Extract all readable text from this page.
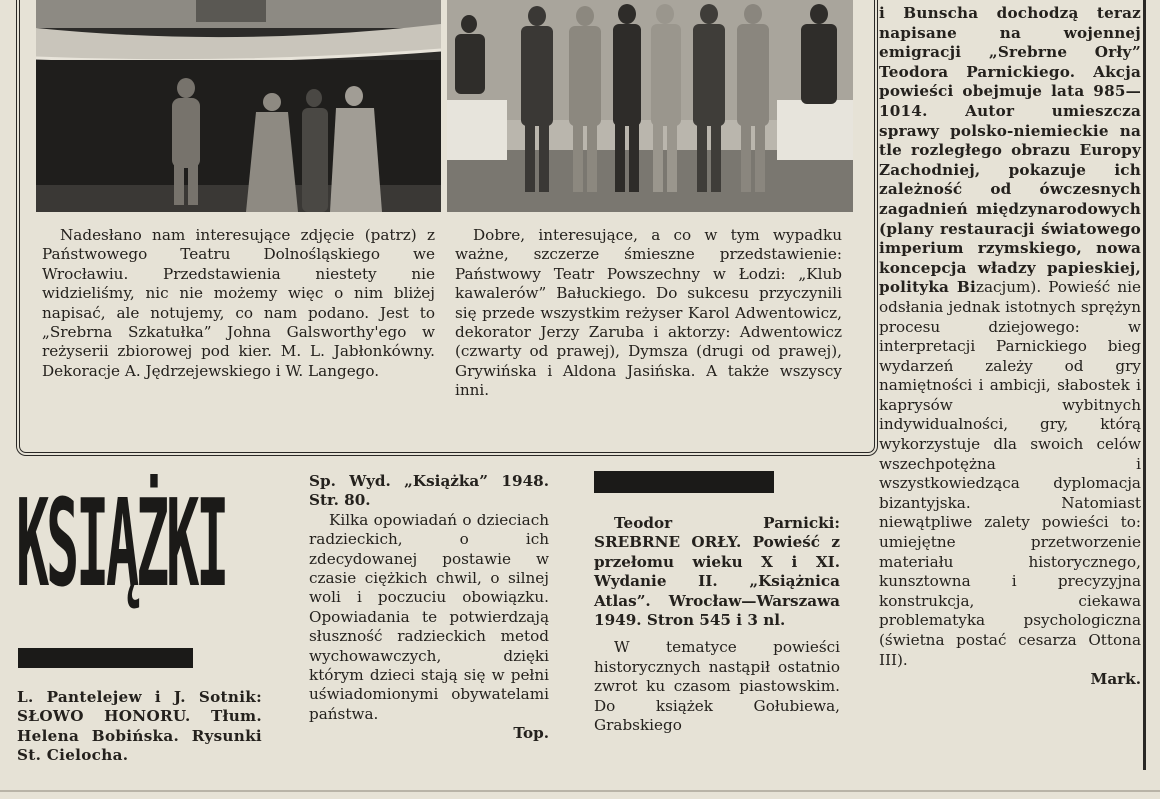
Nadesłano nam interesujące zdjęcie (patrz) z Państwowego Teatru Dolnośląskiego we Wrocławiu. Przedstawienia niestety nie widzieliśmy, nic nie możemy więc o nim bliżej napisać, ale notujemy, co nam podano. Jest to „Srebrna Szkatułka” Johna Galsworthy'ego w reżyserii zbiorowej pod kier. M. L. Jabłonkówny. Dekoracje A. Jędrzejewskiego i W. Langego.

Dobre, interesujące, a co w tym wypadku ważne, szczerze śmieszne przedstawienie: Państwowy Teatr Powszechny w Łodzi: „Klub kawalerów” Bałuckiego. Do sukcesu przyczynili się przede wszystkim reżyser Karol Adwentowicz, dekorator Jerzy Zaruba i aktorzy: Adwentowicz (czwarty od prawej), Dymsza (drugi od prawej), Grywińska i Aldona Jasińska. A także wszyscy inni.

i Bunscha dochodzą teraz napisane na wojennej emigracji „Srebrne Orły” Teodora Parnickiego. Akcja powieści obejmuje lata 985—1014. Autor umieszcza sprawy polsko-niemieckie na tle rozległego obrazu Europy Zachodniej, pokazuje ich zależność od ówczesnych zagadnień międzynarodowych (plany restauracji światowego imperium rzymskiego, nowa koncepcja władzy papieskiej, polityka Bizacjum). Powieść nie odsłania jednak istotnych sprężyn procesu dziejowego: w interpretacji Parnickiego bieg wydarzeń zależy od gry namiętności i ambicji, słabostek i kaprysów wybitnych indywidualności, gry, którą wykorzystuje dla swoich celów wszechpotężna i wszystkowiedząca dyplomacja bizantyjska. Natomiast niewątpliwe zalety powieści to: umiejętne przetworzenie materiału historycznego, kunsztowna i precyzyjna konstrukcja, ciekawa problematyka psychologiczna (świetna postać cesarza Ottona III).
Mark.
KSIĄŻKI

L. Pantelejew i J. Sotnik: SŁOWO HONORU. Tłum. Helena Bobińska. Rysunki St. Cielocha.

Sp. Wyd. „Książka” 1948. Str. 80.

Kilka opowiadań o dzieciach radzieckich, o ich zdecydowanej postawie w czasie ciężkich chwil, o silnej woli i poczuciu obowiązku. Opowiadania te potwierdzają słuszność radzieckich metod wychowawczych, dzięki którym dzieci stają się w pełni uświadomionymi obywatelami państwa.

Top.

Teodor Parnicki: SREBRNE ORŁY. Powieść z przełomu wieku X i XI. Wydanie II. „Książnica Atlas”. Wrocław—Warszawa 1949. Stron 545 i 3 nl.

W tematyce powieści historycznych nastąpił ostatnio zwrot ku czasom piastowskim. Do książek Gołubiewa, Grabskiego
